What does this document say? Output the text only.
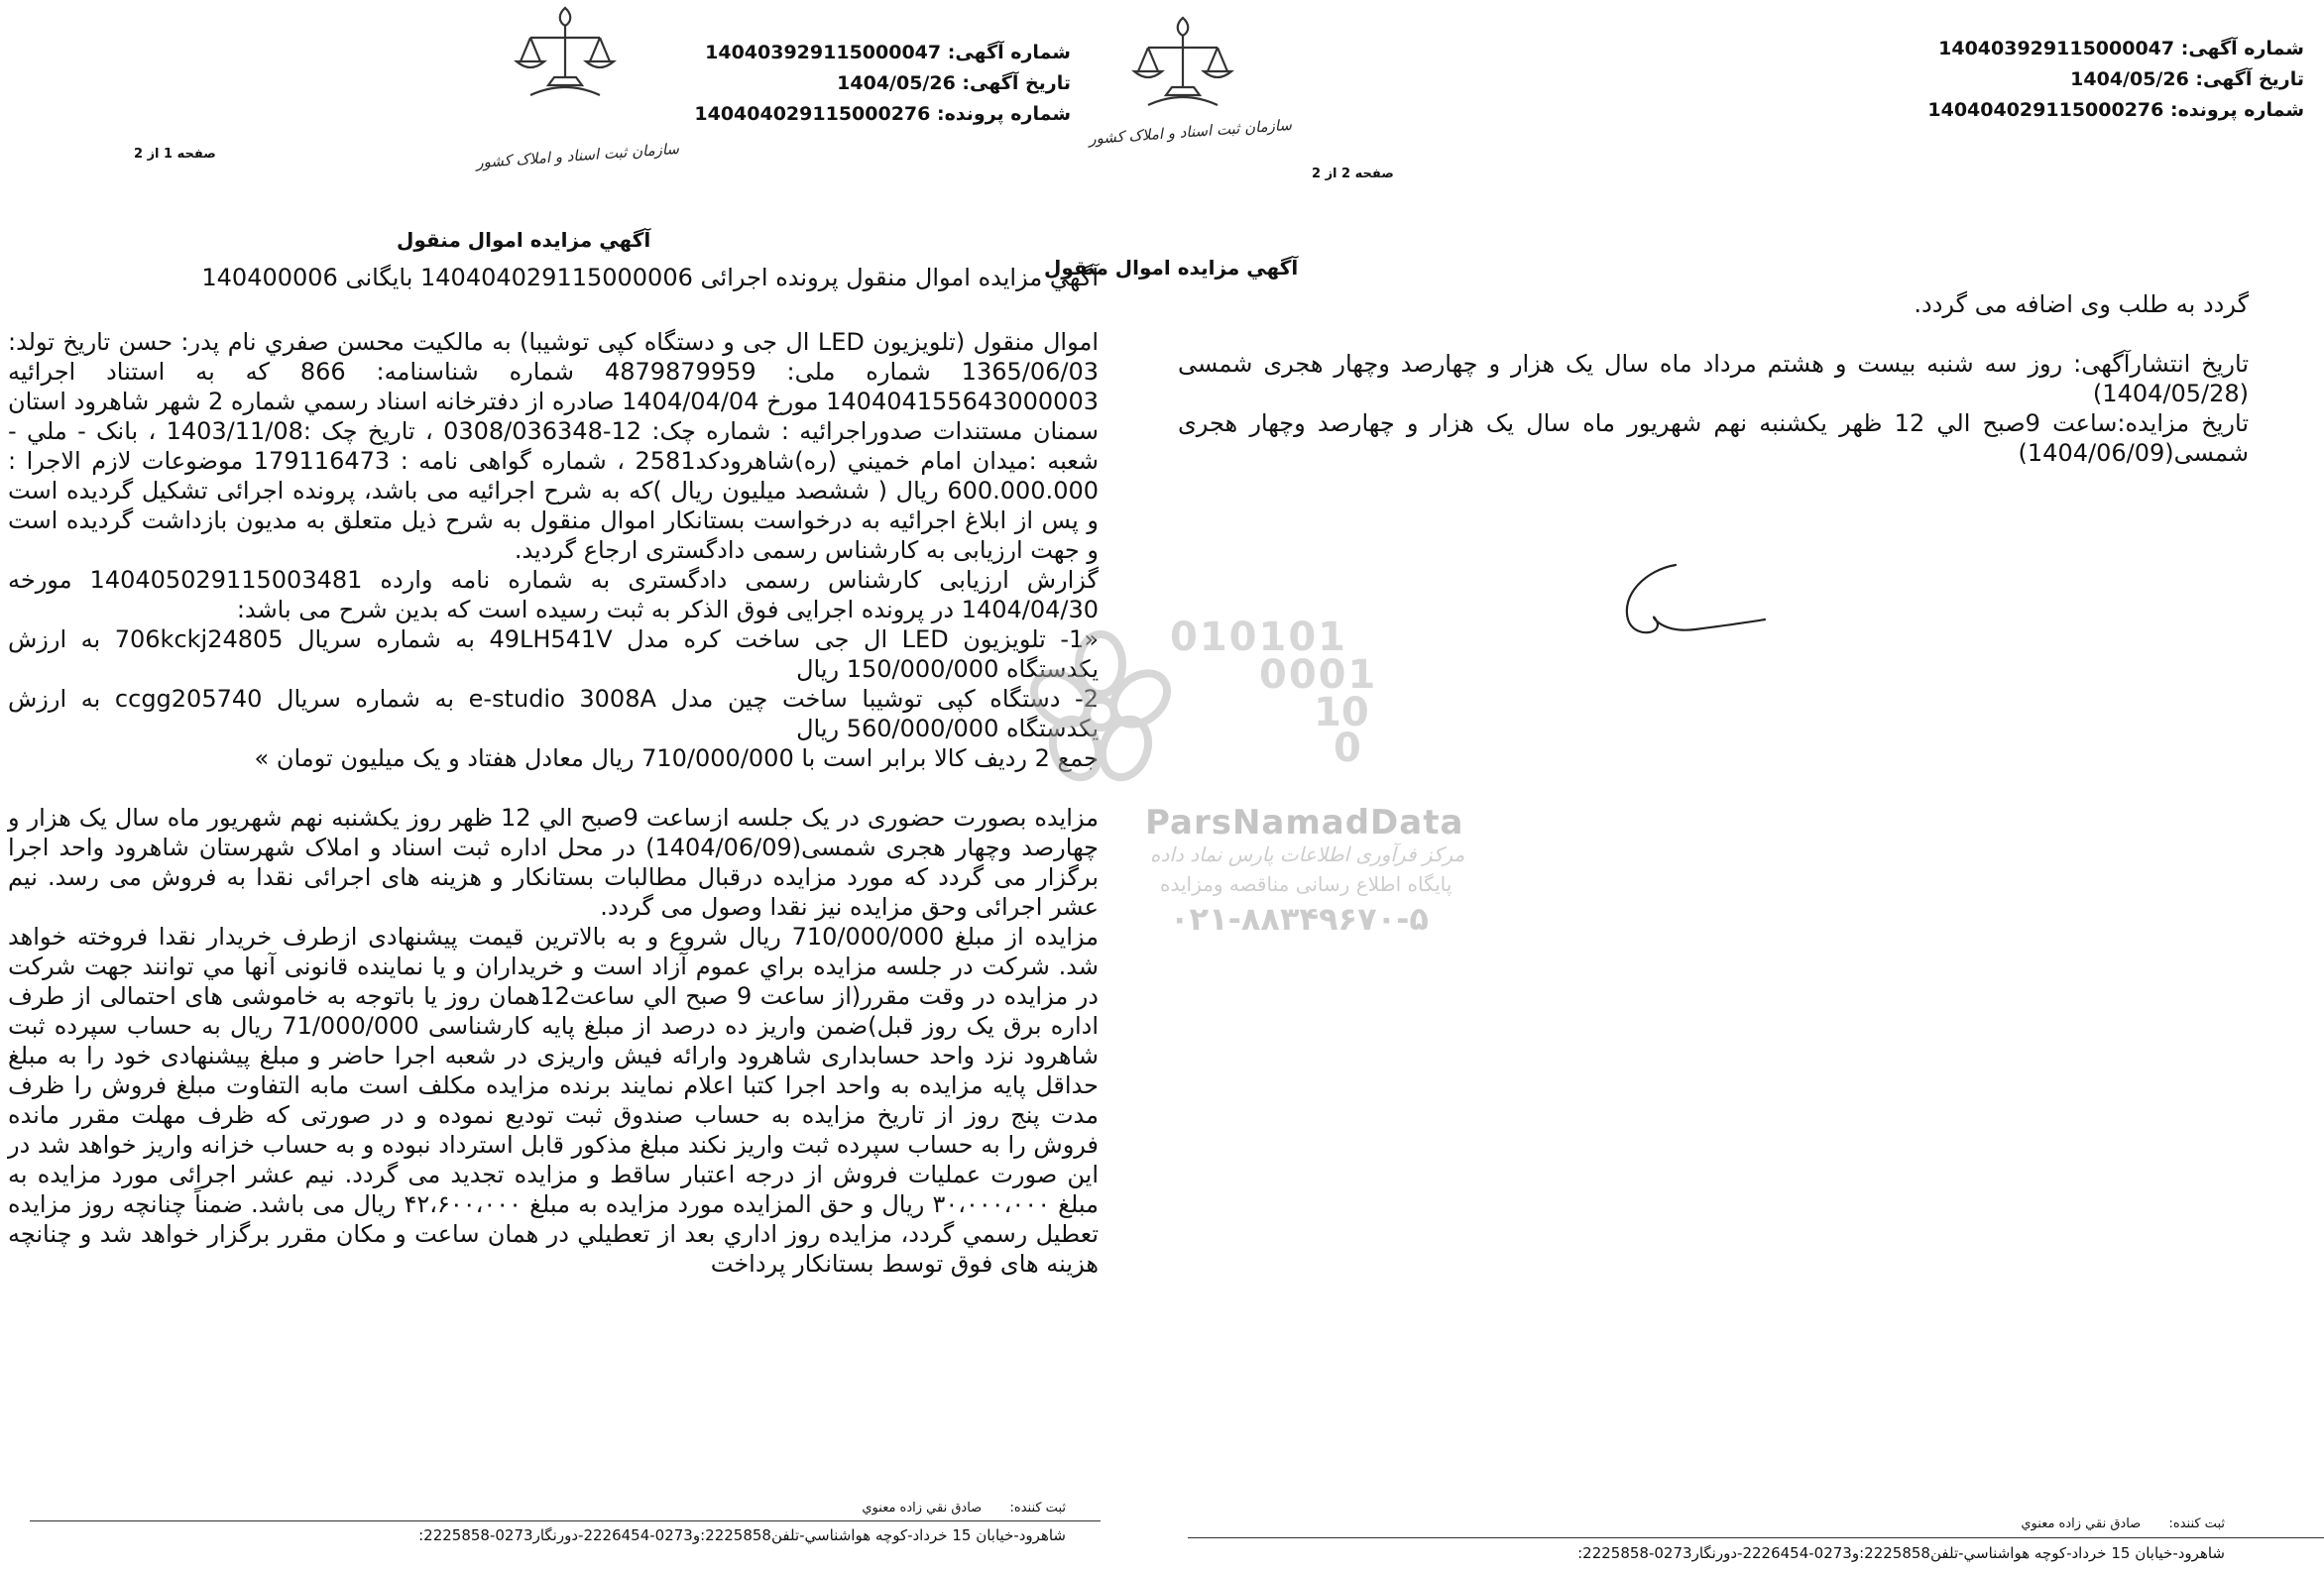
سازمان ثبت اسناد و املاک کشور
شماره آگهی: 140403929115000047
تاریخ آگهی: 1404/05/26
شماره پرونده: 140404029115000276
صفحه 2 از 2
آگهي مزايده اموال منقول

گردد به طلب وی اضافه می گردد.

تاریخ انتشارآگهی: روز سه شنبه بیست و هشتم مرداد ماه سال یک هزار و چهارصد وچهار هجری شمسی (1404/05/28)

تاریخ مزایده:ساعت 9صبح الي 12 ظهر یکشنبه نهم شهریور ماه سال یک هزار و چهارصد وچهار هجری شمسی(1404/06/09)

ثبت کننده:  صادق نقي زاده معنوي
شاهرود-خیابان 15 خرداد-کوچه هواشناسي-تلفن2225858:و0273-2226454-دورنگار0273-2225858:
سازمان ثبت اسناد و املاک کشور
شماره آگهی: 140403929115000047
تاریخ آگهی: 1404/05/26
شماره پرونده: 140404029115000276
صفحه 1 از 2
آگهي مزايده اموال منقول
آگهي مزايده اموال منقول پرونده اجرائی 140404029115000006 بایگانی 140400006

اموال منقول (تلویزیون LED ال جی و دستگاه کپی توشیبا) به مالکیت محسن صفري نام پدر: حسن تاریخ تولد: 1365/06/03 شماره ملی: 4879879959 شماره شناسنامه: 866 که به استناد اجرائیه 140404155643000003 مورخ 1404/04/04 صادره از دفترخانه اسناد رسمي شماره 2 شهر شاهرود استان سمنان مستندات صدوراجرائیه : شماره چک: 12-0308/036348 ، تاریخ چک :1403/11/08 ، بانک - ملي - شعبه :ميدان امام خميني (ره)شاهرودکد2581 ، شماره گواهی نامه : 179116473 موضوعات لازم الاجرا : 600.000.000 ریال ( ششصد میلیون ریال )که به شرح اجرائیه می باشد، پرونده اجرائی تشکیل گردیده است و پس از ابلاغ اجرائیه به درخواست بستانکار اموال منقول به شرح ذیل متعلق به مدیون بازداشت گردیده است و جهت ارزیابی به کارشناس رسمی دادگستری ارجاع گردید.

گزارش ارزیابی کارشناس رسمی دادگستری به شماره نامه وارده 140405029115003481 مورخه 1404/04/30 در پرونده اجرایی فوق الذکر به ثبت رسیده است که بدین شرح می باشد:

«1- تلویزیون LED ال جی ساخت کره مدل 49LH541V به شماره سریال 706kckj24805 به ارزش یکدستگاه 150/000/000 ریال

2- دستگاه کپی توشیبا ساخت چین مدل e-studio 3008A به شماره سریال ccgg205740 به ارزش یکدستگاه 560/000/000 ریال

جمع 2 ردیف کالا برابر است با 710/000/000 ریال معادل هفتاد و یک میلیون تومان »

مزایده بصورت حضوری در یک جلسه ازساعت 9صبح الي 12 ظهر روز یکشنبه نهم شهریور ماه سال یک هزار و چهارصد وچهار هجری شمسی(1404/06/09) در محل اداره ثبت اسناد و املاک شهرستان شاهرود واحد اجرا برگزار می گردد که مورد مزایده درقبال مطالبات بستانکار و هزینه های اجرائی نقدا به فروش می رسد. نیم عشر اجرائی وحق مزایده نیز نقدا وصول می گردد.

مزایده از مبلغ 710/000/000 ریال شروع و به بالاترین قیمت پیشنهادی ازطرف خریدار نقدا فروخته خواهد شد. شرکت در جلسه مزایده براي عموم آزاد است و خریداران و یا نماینده قانونی آنها مي توانند جهت شرکت در مزایده در وقت مقرر(از ساعت 9 صبح الي ساعت12همان روز یا باتوجه به خاموشی های احتمالی از طرف اداره برق یک روز قبل)ضمن واریز ده درصد از مبلغ پایه کارشناسی 71/000/000 ریال به حساب سپرده ثبت شاهرود نزد واحد حسابداری شاهرود وارائه فیش واریزی در شعبه اجرا حاضر و مبلغ پیشنهادی خود را به مبلغ حداقل پایه مزایده به واحد اجرا کتبا اعلام نمایند برنده مزایده مکلف است مابه التفاوت مبلغ فروش را ظرف مدت پنج روز از تاریخ مزایده به حساب صندوق ثبت تودیع نموده و در صورتی که ظرف مهلت مقرر مانده فروش را به حساب سپرده ثبت واریز نکند مبلغ مذکور قابل استرداد نبوده و به حساب خزانه واریز خواهد شد در این صورت عملیات فروش از درجه اعتبار ساقط و مزایده تجدید می گردد. نیم عشر اجرائی مورد مزایده به مبلغ ۳۰،۰۰۰،۰۰۰ ریال و حق المزایده مورد مزایده به مبلغ ۴۲،۶۰۰،۰۰۰ ریال می باشد. ضمناً چنانچه روز مزایده تعطیل رسمي گردد، مزایده روز اداري بعد از تعطیلي در همان ساعت و مکان مقرر برگزار خواهد شد و چنانچه هزینه های فوق توسط بستانکار پرداخت

ثبت کننده:  صادق نقي زاده معنوي
شاهرود-خیابان 15 خرداد-کوچه هواشناسي-تلفن2225858:و0273-2226454-دورنگار0273-2225858:
010101
0001
10
0
ParsNamadData
مرکز فرآوری اطلاعات پارس نماد داده
پایگاه اطلاع رسانی مناقصه ومزایده
۰۲۱-۸۸۳۴۹۶۷۰-۵
